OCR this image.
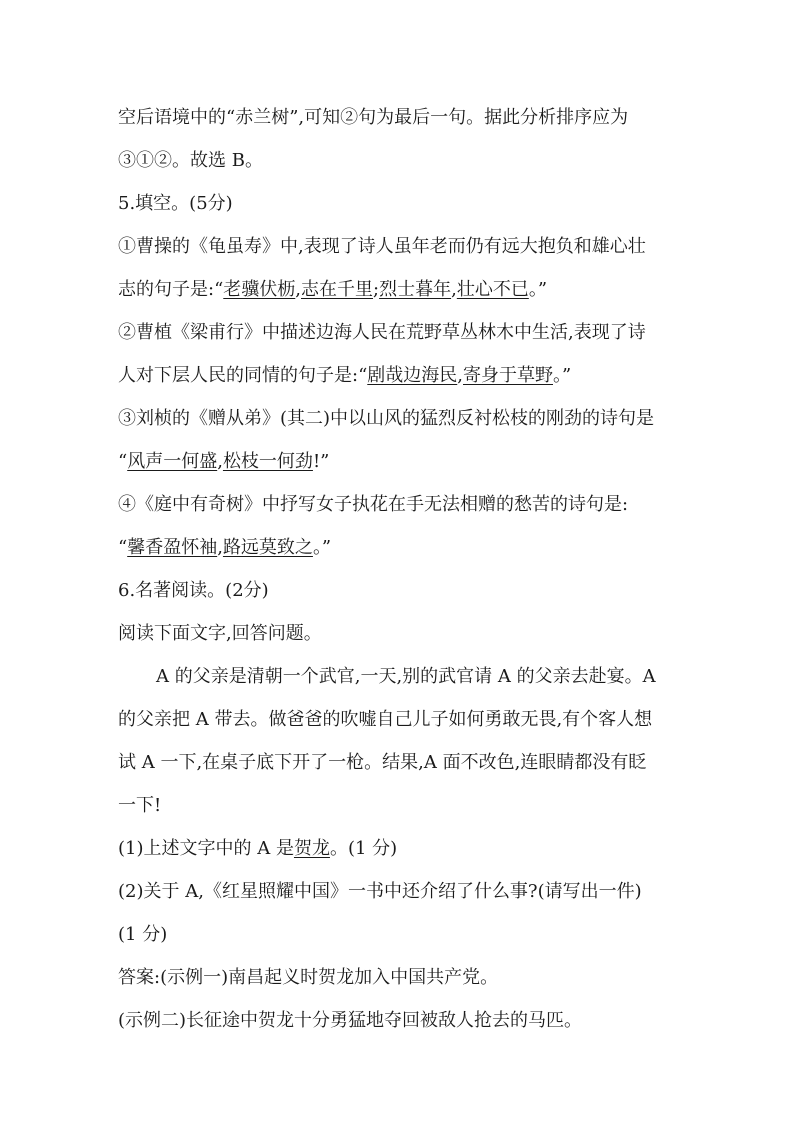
空后语境中的“赤兰树”,可知②句为最后一句。据此分析排序应为
③①②。故选 B。
5.填空。(5分)
①曹操的《龟虽寿》中,表现了诗人虽年老而仍有远大抱负和雄心壮
志的句子是:“老骥伏枥,志在千里;烈士暮年,壮心不已。”
②曹植《梁甫行》中描述边海人民在荒野草丛林木中生活,表现了诗
人对下层人民的同情的句子是:“剧哉边海民,寄身于草野。”
③刘桢的《赠从弟》(其二)中以山风的猛烈反衬松枝的刚劲的诗句是
“风声一何盛,松枝一何劲!”
④《庭中有奇树》中抒写女子执花在手无法相赠的愁苦的诗句是:
“馨香盈怀袖,路远莫致之。”
6.名著阅读。(2分)
阅读下面文字,回答问题。
A 的父亲是清朝一个武官,一天,别的武官请 A 的父亲去赴宴。A
的父亲把 A 带去。做爸爸的吹嘘自己儿子如何勇敢无畏,有个客人想
试 A 一下,在桌子底下开了一枪。结果,A 面不改色,连眼睛都没有眨
一下!
(1)上述文字中的 A 是贺龙。(1 分)
(2)关于 A,《红星照耀中国》一书中还介绍了什么事?(请写出一件)
(1 分)
答案:(示例一)南昌起义时贺龙加入中国共产党。
(示例二)长征途中贺龙十分勇猛地夺回被敌人抢去的马匹。
